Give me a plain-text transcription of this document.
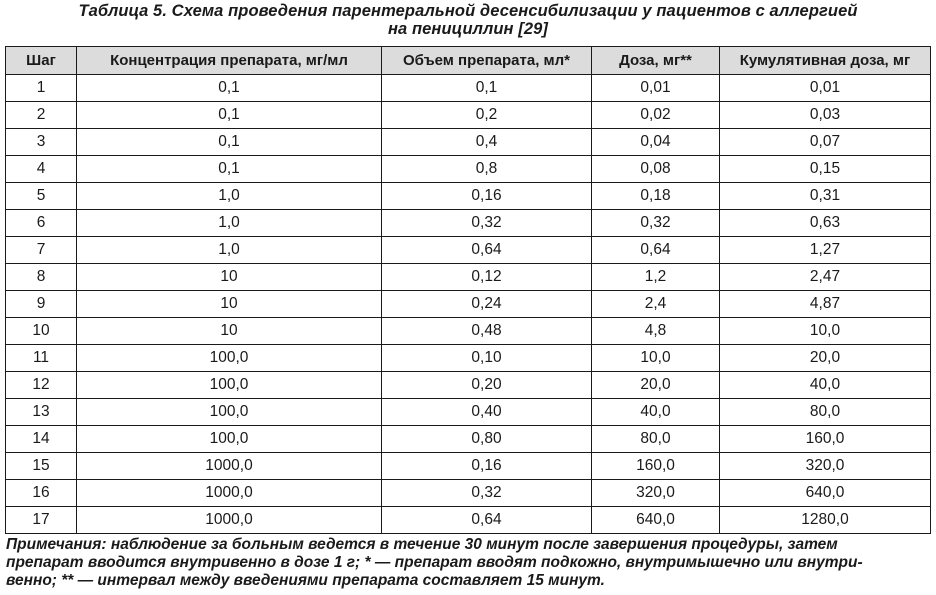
Таблица 5. Схема проведения парентеральной десенсибилизации у пациентов с аллергией
на пенициллин [29]
Шаг	Концентрация препарата, мг/мл	Объем препарата, мл*	Доза, мг**	Кумулятивная доза, мг
1	0,1	0,1	0,01	0,01
2	0,1	0,2	0,02	0,03
3	0,1	0,4	0,04	0,07
4	0,1	0,8	0,08	0,15
5	1,0	0,16	0,18	0,31
6	1,0	0,32	0,32	0,63
7	1,0	0,64	0,64	1,27
8	10	0,12	1,2	2,47
9	10	0,24	2,4	4,87
10	10	0,48	4,8	10,0
11	100,0	0,10	10,0	20,0
12	100,0	0,20	20,0	40,0
13	100,0	0,40	40,0	80,0
14	100,0	0,80	80,0	160,0
15	1000,0	0,16	160,0	320,0
16	1000,0	0,32	320,0	640,0
17	1000,0	0,64	640,0	1280,0
Примечания: наблюдение за больным ведется в течение 30 минут после завершения процедуры, затем
препарат вводится внутривенно в дозе 1 г; * — препарат вводят подкожно, внутримышечно или внутри-
венно; ** — интервал между введениями препарата составляет 15 минут.
